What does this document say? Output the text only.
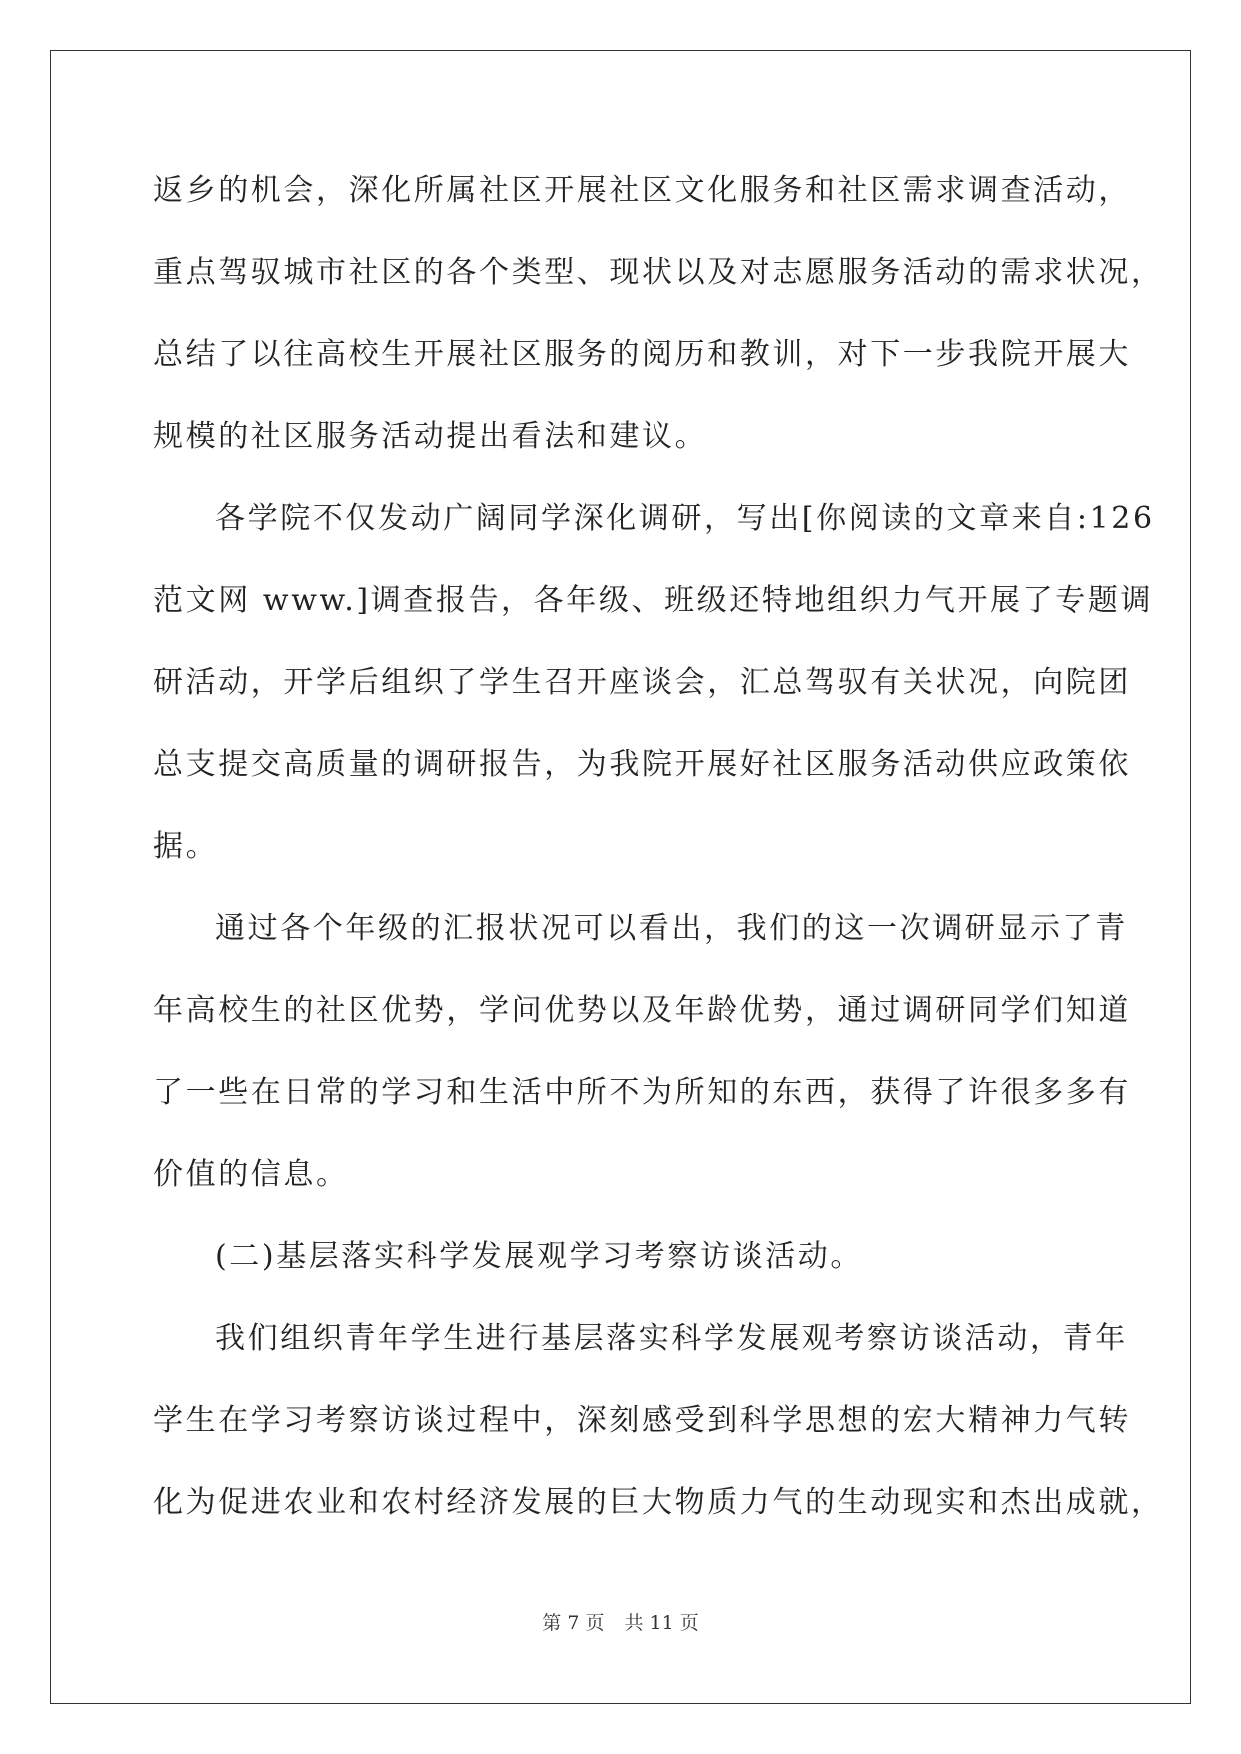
返乡的机会，深化所属社区开展社区文化服务和社区需求调查活动，
重点驾驭城市社区的各个类型、现状以及对志愿服务活动的需求状况，
总结了以往高校生开展社区服务的阅历和教训，对下一步我院开展大
规模的社区服务活动提出看法和建议。
各学院不仅发动广阔同学深化调研，写出[你阅读的文章来自:126
范文网 www.]调查报告，各年级、班级还特地组织力气开展了专题调
研活动，开学后组织了学生召开座谈会，汇总驾驭有关状况，向院团
总支提交高质量的调研报告，为我院开展好社区服务活动供应政策依
据。
通过各个年级的汇报状况可以看出，我们的这一次调研显示了青
年高校生的社区优势，学问优势以及年龄优势，通过调研同学们知道
了一些在日常的学习和生活中所不为所知的东西，获得了许很多多有
价值的信息。
(二)基层落实科学发展观学习考察访谈活动。
我们组织青年学生进行基层落实科学发展观考察访谈活动，青年
学生在学习考察访谈过程中，深刻感受到科学思想的宏大精神力气转
化为促进农业和农村经济发展的巨大物质力气的生动现实和杰出成就，
第 7 页 共 11 页
